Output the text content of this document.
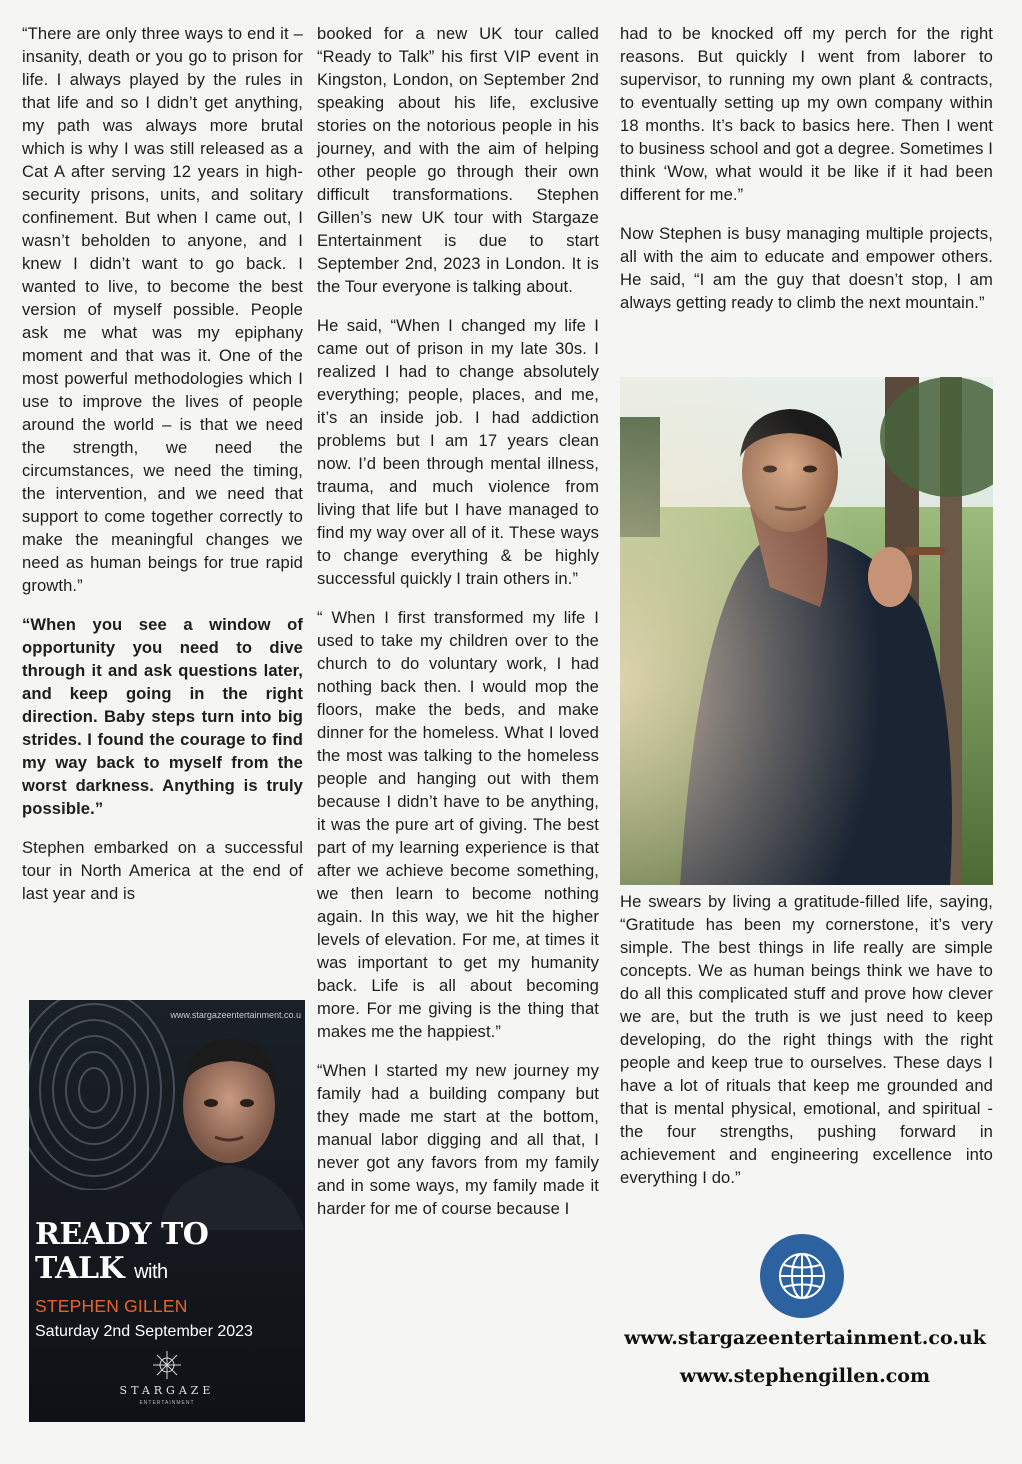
“There are only three ways to end it – insanity, death or you go to prison for life. I always played by the rules in that life and so I didn’t get anything, my path was always more brutal which is why I was still released as a Cat A after serving 12 years in high-security prisons, units, and solitary confinement. But when I came out, I wasn’t beholden to anyone, and I knew I didn’t want to go back. I wanted to live, to become the best version of myself possible. People ask me what was my epiphany moment and that was it. One of the most powerful methodologies which I use to improve the lives of people around the world – is that we need the strength, we need the circumstances, we need the timing, the intervention, and we need that support to come together correctly to make the meaningful changes we need as human beings for true rapid growth.”

“When you see a window of opportunity you need to dive through it and ask questions later, and keep going in the right direction. Baby steps turn into big strides. I found the courage to find my way back to myself from the worst darkness. Anything is truly possible.”

Stephen embarked on a successful tour in North America at the end of last year and is

booked for a new UK tour called “Ready to Talk” his first VIP event in Kingston, London, on September 2nd speaking about his life, exclusive stories on the notorious people in his journey, and with the aim of helping other people go through their own difficult transformations. Stephen Gillen’s new UK tour with Stargaze Entertainment is due to start September 2nd, 2023 in London. It is the Tour everyone is talking about.

He said, “When I changed my life I came out of prison in my late 30s. I realized I had to change absolutely everything; people, places, and me, it’s an inside job. I had addiction problems but I am 17 years clean now. I’d been through mental illness, trauma, and much violence from living that life but I have managed to find my way over all of it. These ways to change everything & be highly successful quickly I train others in.”

“ When I first transformed my life I used to take my children over to the church to do voluntary work, I had nothing back then. I would mop the floors, make the beds, and make dinner for the homeless. What I loved the most was talking to the homeless people and hanging out with them because I didn’t have to be anything, it was the pure art of giving. The best part of my learning experience is that after we achieve become something, we then learn to become nothing again. In this way, we hit the higher levels of elevation. For me, at times it was important to get my humanity back. Life is all about becoming more. For me giving is the thing that makes me the happiest.”

“When I started my new journey my family had a building company but they made me start at the bottom, manual labor digging and all that, I never got any favors from my family and in some ways, my family made it harder for me of course because I

had to be knocked off my perch for the right reasons. But quickly I went from laborer to supervisor, to running my own plant & contracts, to eventually setting up my own company within 18 months. It’s back to basics here. Then I went to business school and got a degree. Sometimes I think ‘Wow, what would it be like if it had been different for me.”

Now Stephen is busy managing multiple projects, all with the aim to educate and empower others. He said, “I am the guy that doesn’t stop, I am always getting ready to climb the next mountain.”

He swears by living a gratitude-filled life, saying, “Gratitude has been my cornerstone, it’s very simple. The best things in life really are simple concepts. We as human beings think we have to do all this complicated stuff and prove how clever we are, but the truth is we just need to keep developing, do the right things with the right people and keep true to ourselves. These days I have a lot of rituals that keep me grounded and that is mental physical, emotional, and spiritual - the four strengths, pushing forward in achievement and engineering excellence into everything I do.”

www.stargazeentertainment.co.u
READY TO
TALK with
STEPHEN GILLEN
Saturday 2nd September 2023
STARGAZE
ENTERTAINMENT
www.stargazeentertainment.co.uk
www.stephengillen.com
